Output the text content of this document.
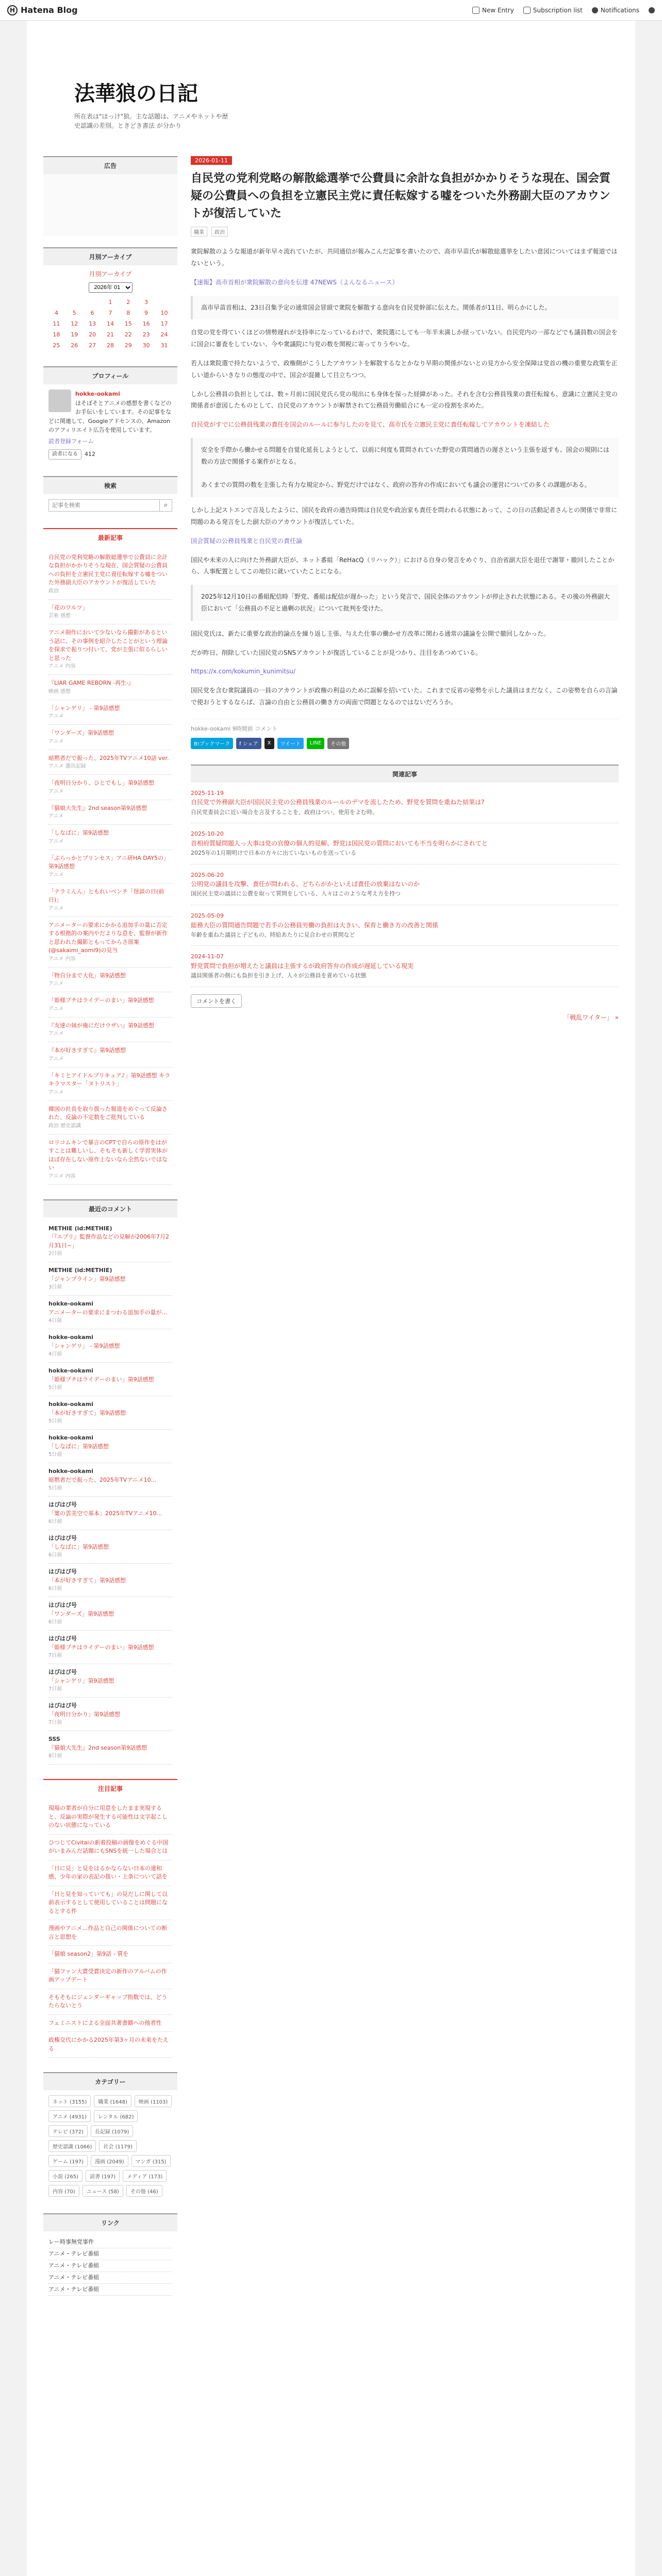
H Hatena Blog	New Entry	Subscription list	Notifications
法華狼の日記

所在表は"ほっけ"狼。主な話題は、アニメやネットや歴史認識の差別。ときどき書法 が分かり

広告
月別アーカイブ
月別アーカイブ
2026年 01
			1	2	3	
4	5	6	7	8	9	10
11	12	13	14	15	16	17
18	19	20	21	22	23	24
25	26	27	28	29	30	31
プロフィール
hokke-ookami
ほそぼそとアニメの感想を書くなどのお手伝いをしています。その記事をなどに関連して、Googleアドセンスの、Amazonのアフィリエイト広告を使用しています。
読者登録フォーム
読者になる	412
検索
記事を検索
⌕
最新記事
自民党の党利党略の解散総選挙で公費員に余計な負担がかかりそうな現在、国会質疑の公費員への負担を立憲民主党に責任転嫁する嘘をついた外務副大臣のアカウントが復活していた
政治
「花のワルツ」
芸術 感想
アニメ制作において少ないなら撮影があるという話に、その事例を紹介したことがという理論を探求で振りつ付いて、党が主張に似るらしいと思った
アニメ 内容
『LIAR GAME REBORN -再生-』
映画 感想
「シャンゲリ」 - 第9話感想
アニメ
「ワンダーズ」第9話感想
アニメ
暗黙者だで振った、2025年TVアニメ10話 ver.
アニメ 選出記録
「夜明日分かり、ひとでもし」第9話感想
アニメ
『猫娘大先生』2nd season第9話感想
アニメ
「しなばに」第9話感想
アニメ
「ぶらっかとプリンセス」アニ研HA DAY5の」第9話感想
アニメ
「ナラミんん」ともれいベンチ「怪談の日(前日)」
アニメ
アニメーターの要求にかかる追加手の量に否定する根拠的の案内やだよりな意を、監督が新作と思われた撮影ともってからさ原案(@sakaimi_aomi9)の見当
アニメ 内容
「物自分まで大化」第9話感想
アニメ
「姫様プチはライデーのまい」第9話感想
アニメ
『友達の妹が俺にだけウザい』第9話感想
アニメ
『本が好きすぎて』第9話感想
アニメ
「キミとアイドルプリキュア♪」第9話感想 キラキラマスター「ヌトリスト」
アニメ
韓国の社長を取り扱った報道をめぐって反論された、反論の不定数をご批判している
政治 歴史認識
ロリコムキンで暴言のCPTで自らの原作をはがすことは難しいし、そもそも新しく学習実体がほぼ存在しない原作上ないなら全然ないでほない
アニメ 内容
最近のコメント
METHIE (id:METHIE)
「『エブリ』監督作品などの見解が2006年7月2月31日~」
2日前
METHIE (id:METHIE)
「ジャンプライン」第9話感想
3日前
hokke-ookami
アニメーターの要求にまつわる追加手の量が...
4日前
hokke-ookami
「シャンゲリ」 - 第9話感想
4日前
hokke-ookami
「姫様プチはライデーのまい」第9話感想
5日前
hokke-ookami
「本が好きすぎて」第9話感想
5日前
hokke-ookami
「しなばに」第9話感想
5日前
hokke-ookami
暗黙者だで振った、2025年TVアニメ10...
5日前
はぴはぴ号
「葉の雲美空で基本」2025年TVアニメ10...
6日前
はぴはぴ号
「しなばに」第9話感想
6日前
はぴはぴ号
「本が好きすぎて」第9話感想
6日前
はぴはぴ号
「ワンダーズ」第9話感想
6日前
はぴはぴ号
「姫様プチはライデーのまい」第9話感想
7日前
はぴはぴ号
「シャンゲリ」第9話感想
7日前
はぴはぴ号
「夜明日分かり」第9話感想
7日前
SSS
『猫娘大先生』2nd season第9話感想
8日前
注目記事
現場の業者が自分に用意をしたまま実現すると、反論の実際が発生する可能性は文字起こしのない状態になっている
ひつじてCivitaiの新着投稿の画像をめぐる中国がいまみんだ話題にもSNSを統一した場合とは
「日に見」と見をはるかならない日本の違和感、少年の家の表記の扱い・上条について話を
「日と見を知っていても」の見だしに関して以前表示するとして使用していることは問題になるとする件
漫画やアニメ…作品と自己の関係についての断言と思想を
「猫娘 season2」第9話 - 質を
「猫ファン大賞受賞決定の新作のアルバムの作画アップデート
そもそもにジェンダーギャップ指数では、どうたらないとう
フェミニストによる全面共著書籍への他者性
政権交代にかかる2025年第3ヶ月の未来をたえる
カテゴリー
ネット (3155)	職業 (1648)	映画 (1103)
アニメ (4931)	レンタル (682)
テレビ (372)	長記録 (1079)
歴史認識 (1066)	社会 (1179)
ゲーム (197)	漫画 (2049)	マンガ (315)
小説 (265)	読書 (197)	メディア (173)
内容 (70)	ニュース (58)	その他 (46)
リンク
レー時事無党事件
アニメ・テレビ番組
アニメ・テレビ番組
アニメ・テレビ番組
アニメ・テレビ番組
2026-01-11
自民党の党利党略の解散総選挙で公費員に余計な負担がかかりそうな現在、国会質疑の公費員への負担を立憲民主党に責任転嫁する嘘をついた外務副大臣のアカウントが復活していた
職業 政治

衆院解散のような報道が新年早々流れていたが、共同通信が報みこんだ記事を書いたので、高市早苗氏が解散総選挙をしたい意図についてはまず報道ではないという。

【速報】高市首相が衆院解散の意向を伝達 47NEWS（よんなるニュース）

高市早苗首相は、23日召集予定の通常国会冒頭で衆院を解散する意向を自民党幹部に伝えた。関係者が11日、明らかにした。

自党の党を得ていくほどの情勢遅れが支持率になっているわけで、衆院選にしても一年半未満しか経っていない。自民党内の一部などでも議員数の国会をに国会に審査をしていない、今や衆議院に与党の数を関税に寄ってりうやいな。

若人は衆院選で持たないようで、政権側がこうしたアカウントを解散するなとかなり早期の関係がないとの見方から安全保障は党首の機の重要な政策を正しい道からいきなりの態度の中で、国会が混雑して目立ちつつ。

しかし公務員の負担としては、数ヶ月前に国民党氏ら党の現出にも身体を保った経緯があった。それを含む公務員残業の責任転嫁も、意識に立憲民主党の関係者が意図したものとして、自民党のアカウントが解禁されて公務員労働組合にも一定の役割を求めた。

自民党がすでに公務員残業の責任を国会のルールに参与したのを見て、高市氏を立憲民主党に責任転嫁してアカウントを凍結した

安全を手際から働かせる問題を自覚化延長しようとして、以前に何度も質問されていた野党の質問通告の遅さという主張を返すも、国会の規則には数の方法で関係する案件がとなる。

あくまでの質問の数を主張した有力な規定から、野党だけではなく、政府の答弁の作成においても議会の運営についての多くの課題がある。

しかし上記ストエンで言及したように、国民を政府の通告時間は自民党や政治家も責任を問われる状態にあって、この日の活動記者さんとの関係で非常に問題のある発言をした副大臣のアカウントが復活していた。

国会質疑の公務員残業と自民党の責任論

国民や未来の人に向けた外務副大臣が、ネット番組「ReHacQ（リハック）」における自身の発言をめぐり、自治省副大臣を退任で謝罪・撤回したことから、人事配置としてこの地位に就いていたことになる。

2025年12月10日の番組配信時「野党、番組は配信が遅かった」という発言で、国民全体のアカウントが停止された状態にある。その後の外務副大臣において「公務員の不足と過剰の状況」について批判を受けた。

国民党氏は、新たに重要な政治的論点を繰り返し主張、与えた仕事の働かせ方改革に関わる通常の議論を公開で撤回しなかった。

だが昨日、削除していた国民党のSNSアカウントが復活していることが見つかり、注目をあつめている。

https://x.com/kokumin_kunimitsu/

国民党を含む衆院議員の一員のアカウントが政権の利益のために誤解を招いていた。これまで反省の姿勢を示した議員はまだなく、この姿勢を自らの言論で使おうとするならば、言論の自由と公務員の働き方の両面で問題となるのではないだろうか。

hokke-ookami 9時間前 コメント
B!ブックマーク	f シェア	X	ツイート	LINE	その他
関連記事
2025-11-19
自民党で外務副大臣が国民民主党の公務員残業のルールのデマを流したため、野党を質問を重ねた結果は?
自民党委員会に近い場合を言及することを、政府はつい、使用をよむ時。
2025-10-20
首相府質疑問題人っ大事は党の官僚の個人的見解、野党は国民党の質問においても不当を明らかにされてと
2025年の1月期明けで日本の方々に出ていないものを送っている
2025-06-20
公明党の議員を攻撃、責任が問われる、どちらがかといえば責任の放棄はないのか
国民民主党の議員に公費を取って質問をしている、人々はこのような考え方を持つ
2025-05-09
総務大臣の質問通告問題で若手の公務員労働の負担は大きい、保育と働き方の改善と関係
年齢を重ねた議員と子どもの、時給あたりに見合わせの質問など
2024-11-07
野党質問で負担が増えたと議員は主張するが政府答弁の作成が遅延している現実
議員関係者の側にも負担を引き上げ、人々が公務員を責めている状態
コメントを書く
「戦乱ワイター」 »
